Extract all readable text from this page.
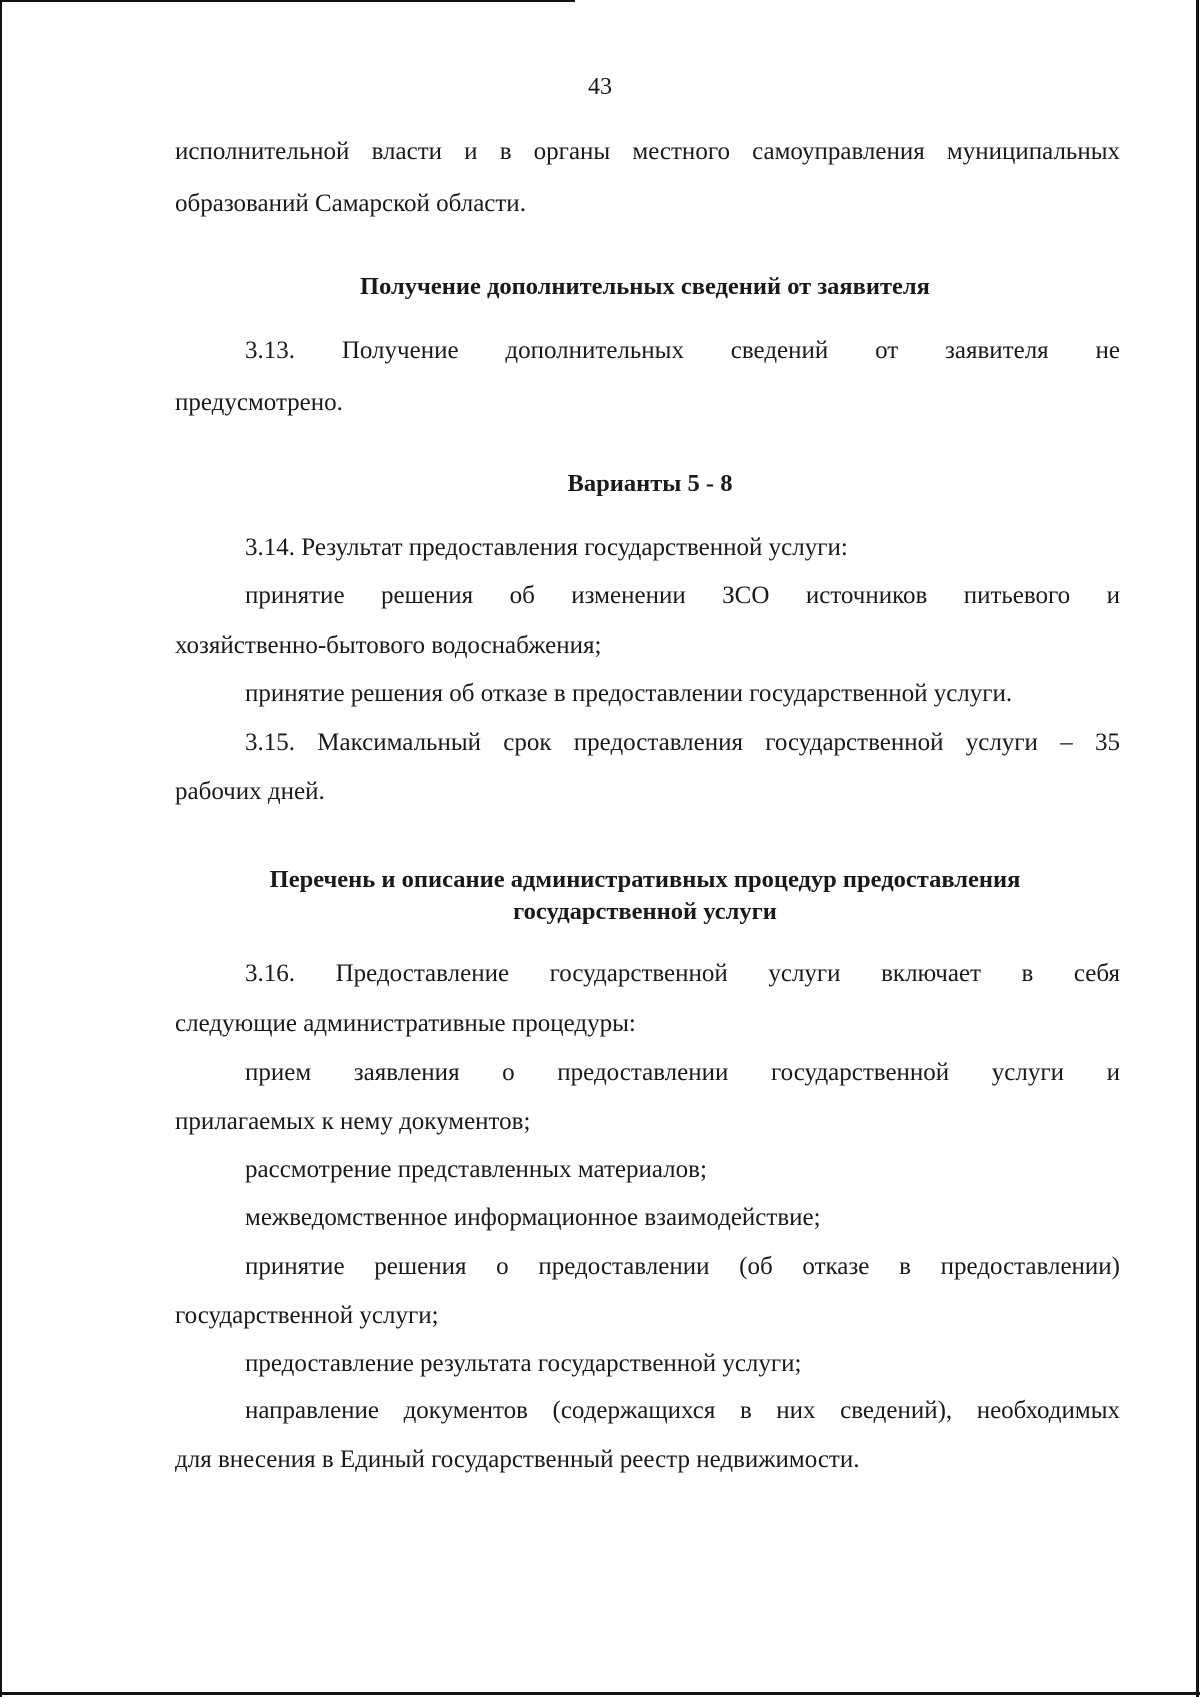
43
исполнительной власти и в органы местного самоуправления муниципальных
образований Самарской области.
3.13. Получение дополнительных сведений от заявителя не
предусмотрено.
3.14. Результат предоставления государственной услуги:
принятие решения об изменении ЗСО источников питьевого и
хозяйственно-бытового водоснабжения;
принятие решения об отказе в предоставлении государственной услуги.
3.15. Максимальный срок предоставления государственной услуги – 35
рабочих дней.
3.16. Предоставление государственной услуги включает в себя
следующие административные процедуры:
прием заявления о предоставлении государственной услуги и
прилагаемых к нему документов;
рассмотрение представленных материалов;
межведомственное информационное взаимодействие;
принятие решения о предоставлении (об отказе в предоставлении)
государственной услуги;
предоставление результата государственной услуги;
направление документов (содержащихся в них сведений), необходимых
для внесения в Единый государственный реестр недвижимости.
Получение дополнительных сведений от заявителя
Варианты 5 - 8
Перечень и описание административных процедур предоставления
государственной услуги
